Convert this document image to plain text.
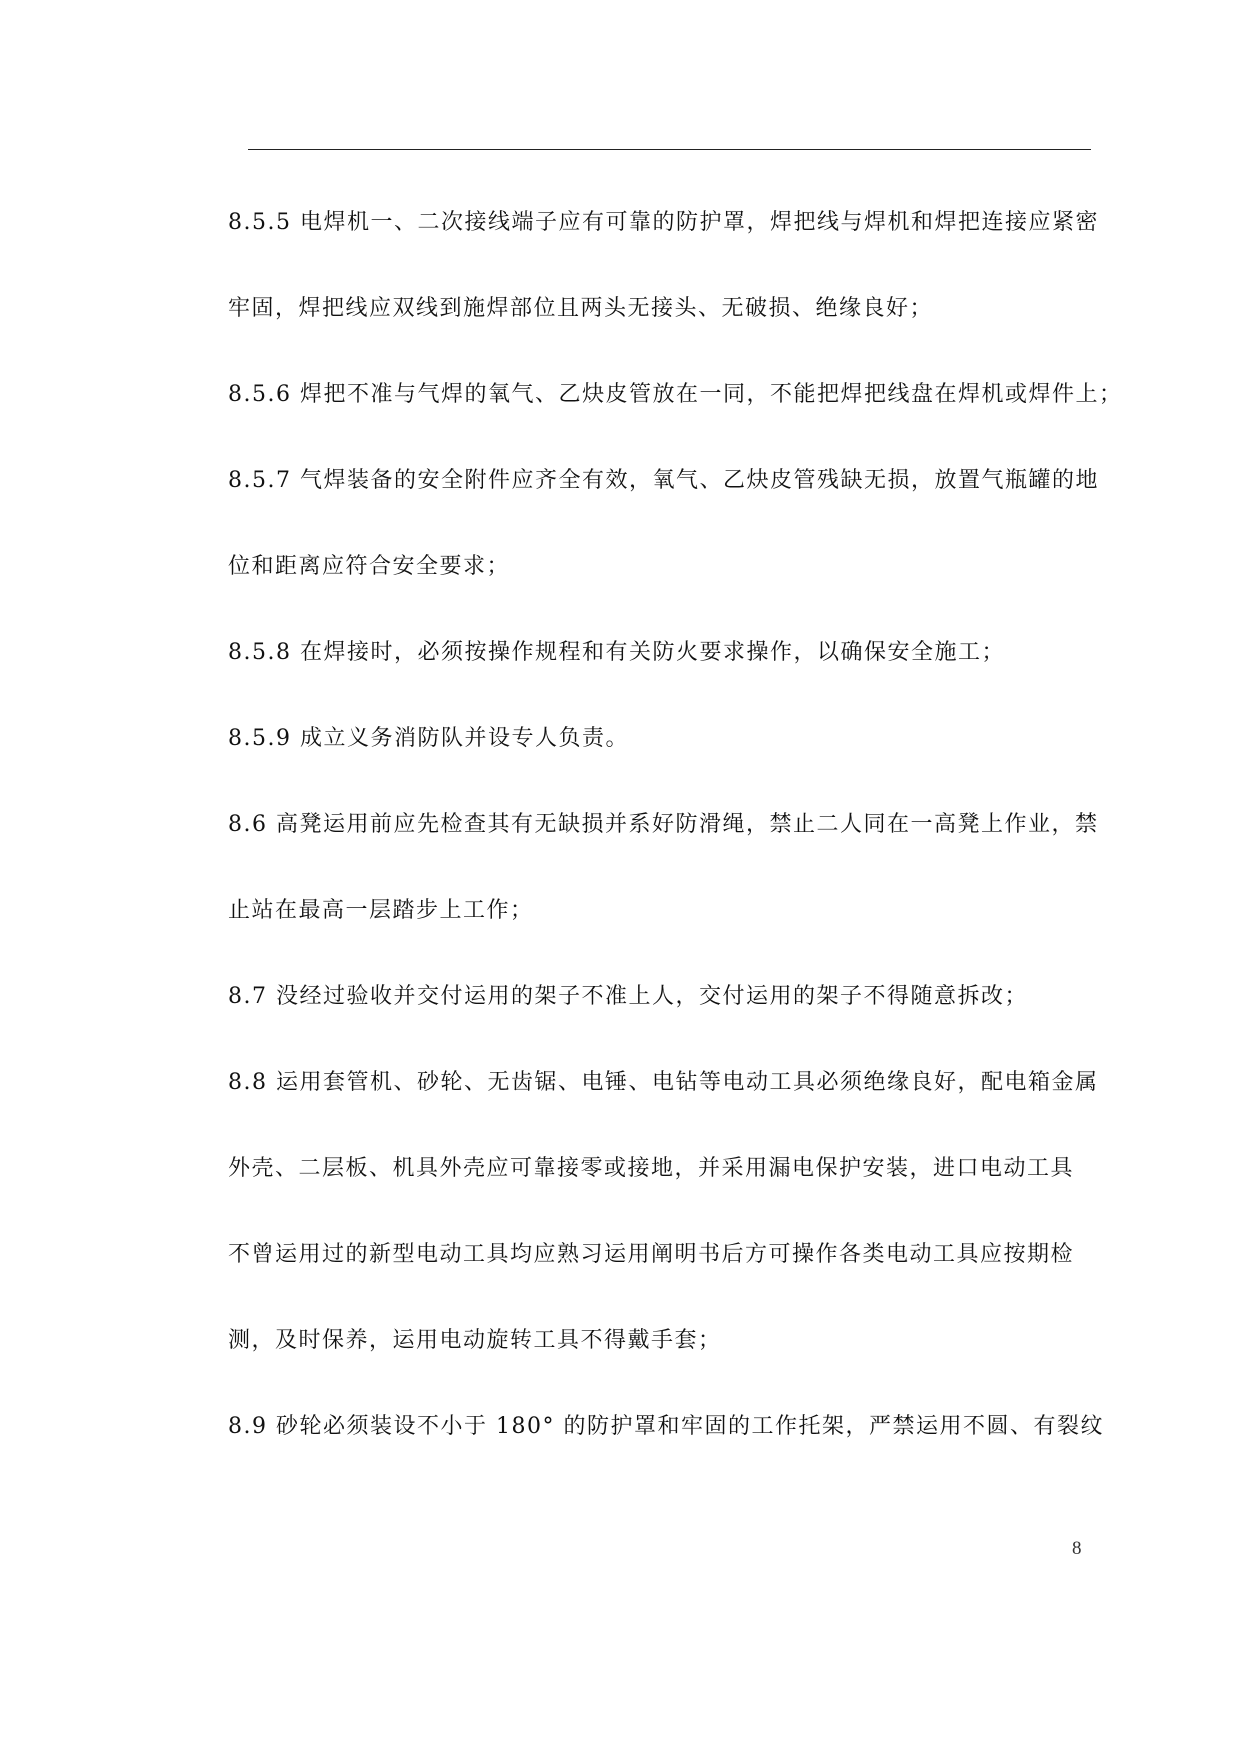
8.5.5 电焊机一、二次接线端子应有可靠的防护罩，焊把线与焊机和焊把连接应紧密
牢固，焊把线应双线到施焊部位且两头无接头、无破损、绝缘良好；
8.5.6 焊把不准与气焊的氧气、乙炔皮管放在一同，不能把焊把线盘在焊机或焊件上；
8.5.7 气焊装备的安全附件应齐全有效，氧气、乙炔皮管残缺无损，放置气瓶罐的地
位和距离应符合安全要求；
8.5.8 在焊接时，必须按操作规程和有关防火要求操作，以确保安全施工；
8.5.9 成立义务消防队并设专人负责。
8.6 高凳运用前应先检查其有无缺损并系好防滑绳，禁止二人同在一高凳上作业，禁
止站在最高一层踏步上工作；
8.7 没经过验收并交付运用的架子不准上人，交付运用的架子不得随意拆改；
8.8 运用套管机、砂轮、无齿锯、电锤、电钻等电动工具必须绝缘良好，配电箱金属
外壳、二层板、机具外壳应可靠接零或接地，并采用漏电保护安装，进口电动工具
不曾运用过的新型电动工具均应熟习运用阐明书后方可操作各类电动工具应按期检
测，及时保养，运用电动旋转工具不得戴手套；
8.9 砂轮必须装设不小于 180° 的防护罩和牢固的工作托架，严禁运用不圆、有裂纹
8
